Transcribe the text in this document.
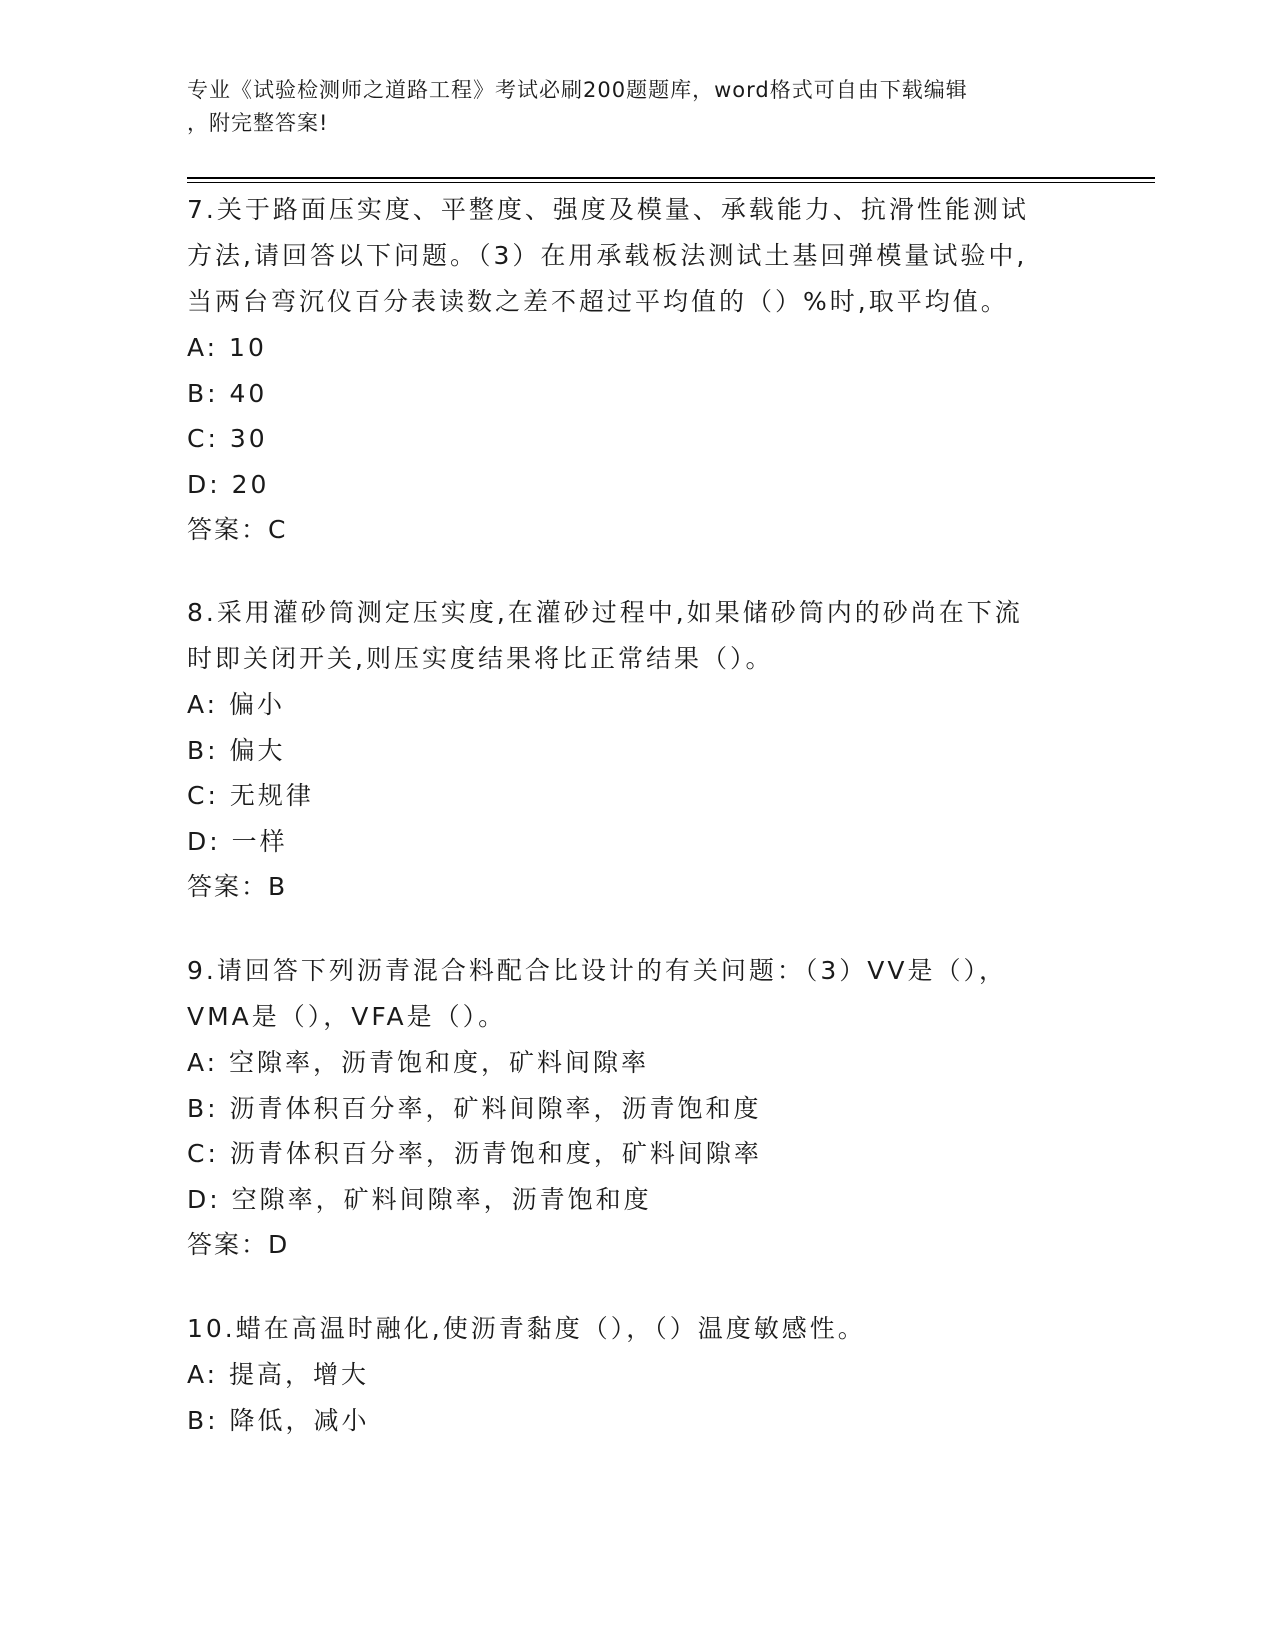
专业《试验检测师之道路工程》考试必刷200题题库，word格式可自由下载编辑

，附完整答案!

7.关于路面压实度、平整度、强度及模量、承载能力、抗滑性能测试

方法,请回答以下问题。（3）在用承载板法测试土基回弹模量试验中,

当两台弯沉仪百分表读数之差不超过平均值的（）%时,取平均值。

A: 10

B: 40

C: 30

D: 20

答案：C

8.采用灌砂筒测定压实度,在灌砂过程中,如果储砂筒内的砂尚在下流

时即关闭开关,则压实度结果将比正常结果（）。

A: 偏小

B: 偏大

C: 无规律

D: 一样

答案：B

9.请回答下列沥青混合料配合比设计的有关问题：（3）VV是（），

VMA是（），VFA是（）。

A: 空隙率，沥青饱和度，矿料间隙率

B: 沥青体积百分率，矿料间隙率，沥青饱和度

C: 沥青体积百分率，沥青饱和度，矿料间隙率

D: 空隙率，矿料间隙率，沥青饱和度

答案：D

10.蜡在高温时融化,使沥青黏度（），（）温度敏感性。

A: 提高，增大

B: 降低，减小
